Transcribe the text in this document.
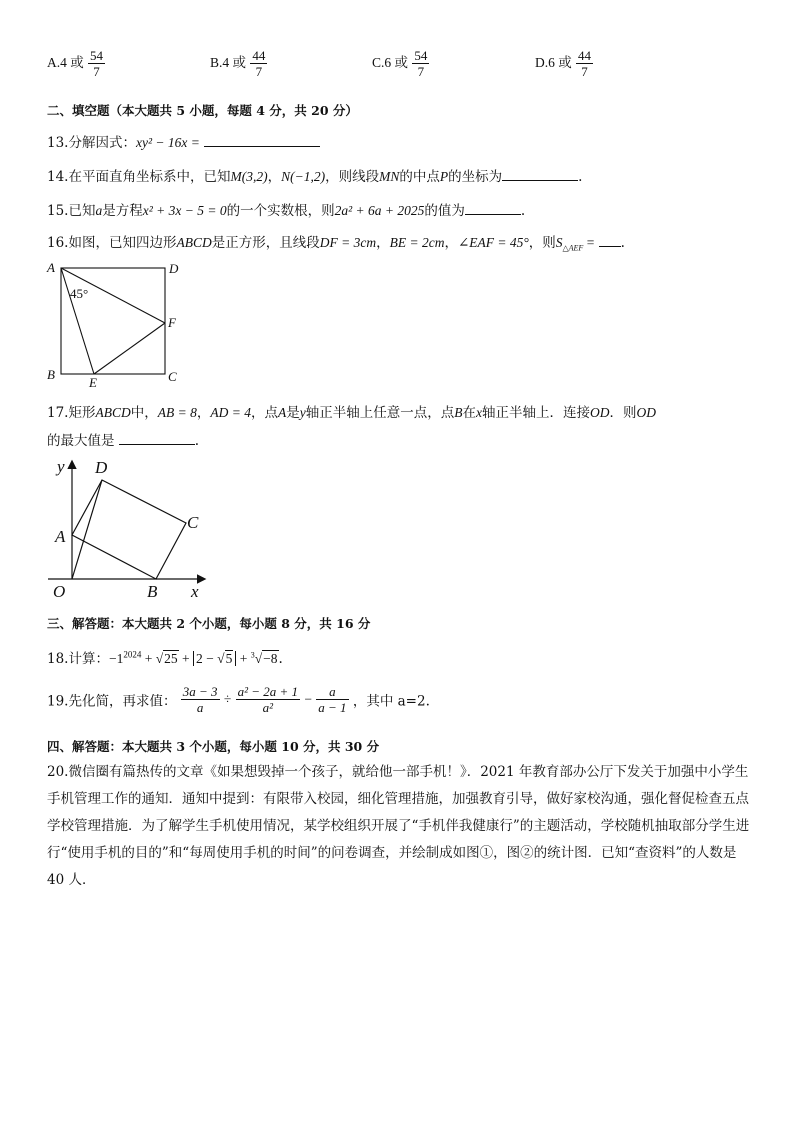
A.4 或 $\frac{54}{7}$	B.4 或 $\frac{44}{7}$	C.6 或 $\frac{54}{7}$	D.6 或 $\frac{44}{7}$
二、填空题（本大题共 5 小题，每题 4 分，共 20 分）
13.分解因式：xy² − 16x =
14.在平面直角坐标系中，已知M(3,2)，N(−1,2)，则线段MN的中点P的坐标为	.
15.已知a是方程x² + 3x − 5 = 0的一个实数根，则2a² + 6a + 2025的值为	.
16.如图，已知四边形ABCD是正方形，且线段DF = 3cm，BE = 2cm，∠EAF = 45°，则$S_{\triangle AEF}$ = .
A	D
F
B
E	C
45°
17.矩形ABCD中，AB = 8，AD = 4，点A是y轴正半轴上任意一点，点B在x轴正半轴上．连接OD．则OD
的最大值是	.
y D
C
A
O	B x
三、解答题：本大题共 2 个小题，每小题 8 分，共 16 分
18.计算：$-1^{2024} + √25 + 2 - √5 + ^3√-8$.
19.先化简，再求值： $\frac{3a - 3}{a} \div \frac{\text{a² − 2a + 1}}{\text{a²}} - \frac{a}{a - 1}$ ，其中 a=2.
四、解答题：本大题共 3 个小题，每小题 10 分，共 30 分
20.微信圈有篇热传的文章《如果想毁掉一个孩子，就给他一部手机！》．2021 年教育部办公厅下发关于加强中小学生手机管理工作的通知．通知中提到：有限带入校园，细化管理措施，加强教育引导，做好家校沟通，强化督促检查五点学校管理措施．为了解学生手机使用情况，某学校组织开展了“手机伴我健康行”的主题活动，学校随机抽取部分学生进行“使用手机的目的”和“每周使用手机的时间”的问卷调查，并绘制成如图①，图②的统计图．已知“查资料”的人数是 40 人．
